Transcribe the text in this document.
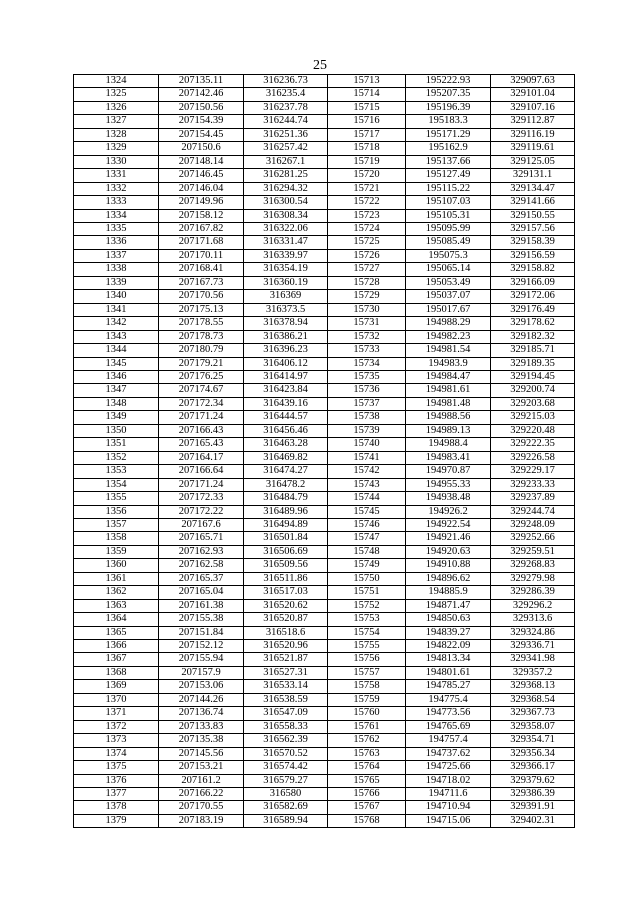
25
1324	207135.11	316236.73	15713	195222.93	329097.63
1325	207142.46	316235.4	15714	195207.35	329101.04
1326	207150.56	316237.78	15715	195196.39	329107.16
1327	207154.39	316244.74	15716	195183.3	329112.87
1328	207154.45	316251.36	15717	195171.29	329116.19
1329	207150.6	316257.42	15718	195162.9	329119.61
1330	207148.14	316267.1	15719	195137.66	329125.05
1331	207146.45	316281.25	15720	195127.49	329131.1
1332	207146.04	316294.32	15721	195115.22	329134.47
1333	207149.96	316300.54	15722	195107.03	329141.66
1334	207158.12	316308.34	15723	195105.31	329150.55
1335	207167.82	316322.06	15724	195095.99	329157.56
1336	207171.68	316331.47	15725	195085.49	329158.39
1337	207170.11	316339.97	15726	195075.3	329156.59
1338	207168.41	316354.19	15727	195065.14	329158.82
1339	207167.73	316360.19	15728	195053.49	329166.09
1340	207170.56	316369	15729	195037.07	329172.06
1341	207175.13	316373.5	15730	195017.67	329176.49
1342	207178.55	316378.94	15731	194988.29	329178.62
1343	207178.73	316386.21	15732	194982.23	329182.32
1344	207180.79	316396.23	15733	194981.54	329185.71
1345	207179.21	316406.12	15734	194983.9	329189.35
1346	207176.25	316414.97	15735	194984.47	329194.45
1347	207174.67	316423.84	15736	194981.61	329200.74
1348	207172.34	316439.16	15737	194981.48	329203.68
1349	207171.24	316444.57	15738	194988.56	329215.03
1350	207166.43	316456.46	15739	194989.13	329220.48
1351	207165.43	316463.28	15740	194988.4	329222.35
1352	207164.17	316469.82	15741	194983.41	329226.58
1353	207166.64	316474.27	15742	194970.87	329229.17
1354	207171.24	316478.2	15743	194955.33	329233.33
1355	207172.33	316484.79	15744	194938.48	329237.89
1356	207172.22	316489.96	15745	194926.2	329244.74
1357	207167.6	316494.89	15746	194922.54	329248.09
1358	207165.71	316501.84	15747	194921.46	329252.66
1359	207162.93	316506.69	15748	194920.63	329259.51
1360	207162.58	316509.56	15749	194910.88	329268.83
1361	207165.37	316511.86	15750	194896.62	329279.98
1362	207165.04	316517.03	15751	194885.9	329286.39
1363	207161.38	316520.62	15752	194871.47	329296.2
1364	207155.38	316520.87	15753	194850.63	329313.6
1365	207151.84	316518.6	15754	194839.27	329324.86
1366	207152.12	316520.96	15755	194822.09	329336.71
1367	207155.94	316521.87	15756	194813.34	329341.98
1368	207157.9	316527.31	15757	194801.61	329357.2
1369	207153.06	316533.14	15758	194785.27	329368.13
1370	207144.26	316538.59	15759	194775.4	329368.54
1371	207136.74	316547.09	15760	194773.56	329367.73
1372	207133.83	316558.33	15761	194765.69	329358.07
1373	207135.38	316562.39	15762	194757.4	329354.71
1374	207145.56	316570.52	15763	194737.62	329356.34
1375	207153.21	316574.42	15764	194725.66	329366.17
1376	207161.2	316579.27	15765	194718.02	329379.62
1377	207166.22	316580	15766	194711.6	329386.39
1378	207170.55	316582.69	15767	194710.94	329391.91
1379	207183.19	316589.94	15768	194715.06	329402.31
